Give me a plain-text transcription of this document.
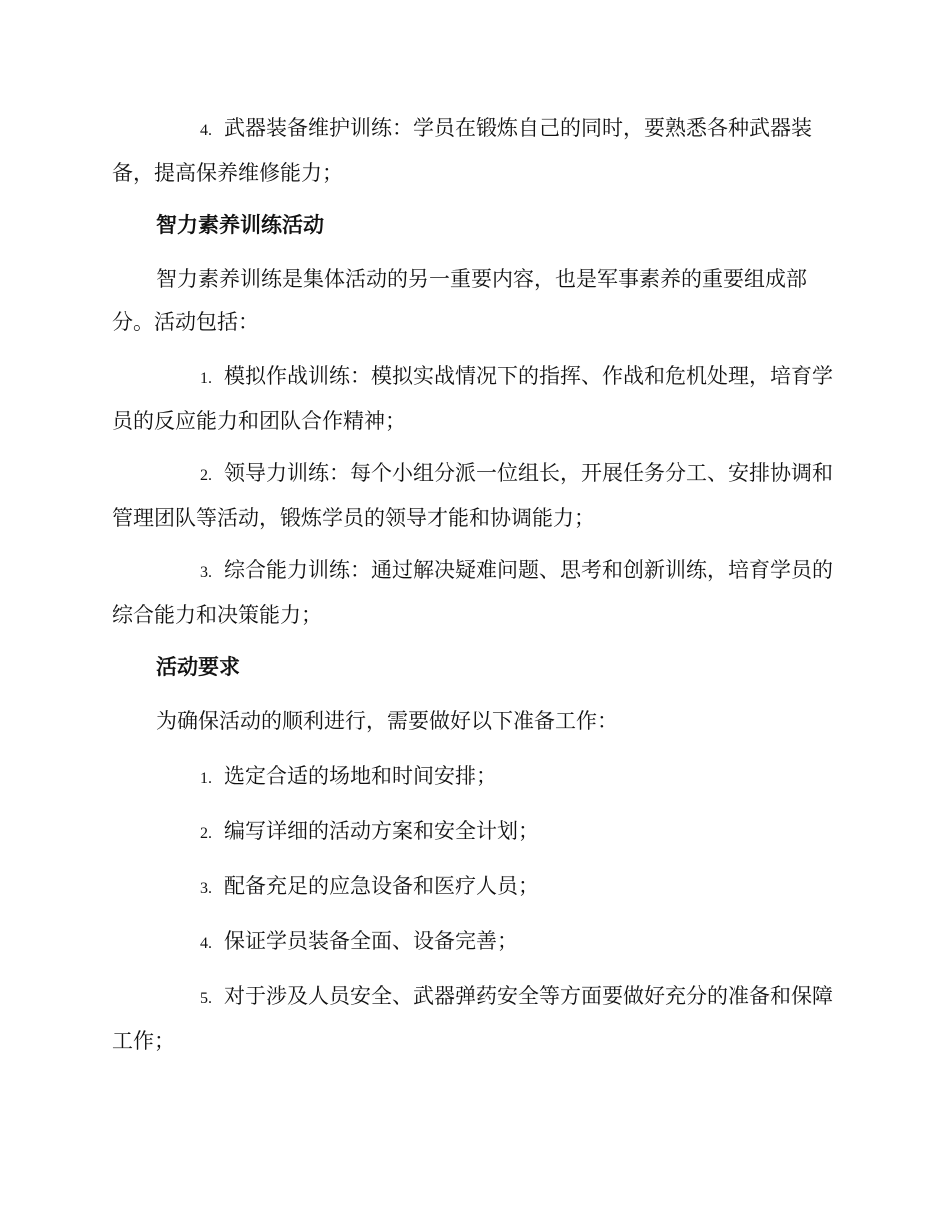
4. 武器装备维护训练：学员在锻炼自己的同时，要熟悉各种武器装备，提高保养维修能力；

智力素养训练活动

智力素养训练是集体活动的另一重要内容，也是军事素养的重要组成部分。活动包括：

1. 模拟作战训练：模拟实战情况下的指挥、作战和危机处理，培育学员的反应能力和团队合作精神；

2. 领导力训练：每个小组分派一位组长，开展任务分工、安排协调和管理团队等活动，锻炼学员的领导才能和协调能力；

3. 综合能力训练：通过解决疑难问题、思考和创新训练，培育学员的综合能力和决策能力；

活动要求

为确保活动的顺利进行，需要做好以下准备工作：

1. 选定合适的场地和时间安排；

2. 编写详细的活动方案和安全计划；

3. 配备充足的应急设备和医疗人员；

4. 保证学员装备全面、设备完善；

5. 对于涉及人员安全、武器弹药安全等方面要做好充分的准备和保障工作；
